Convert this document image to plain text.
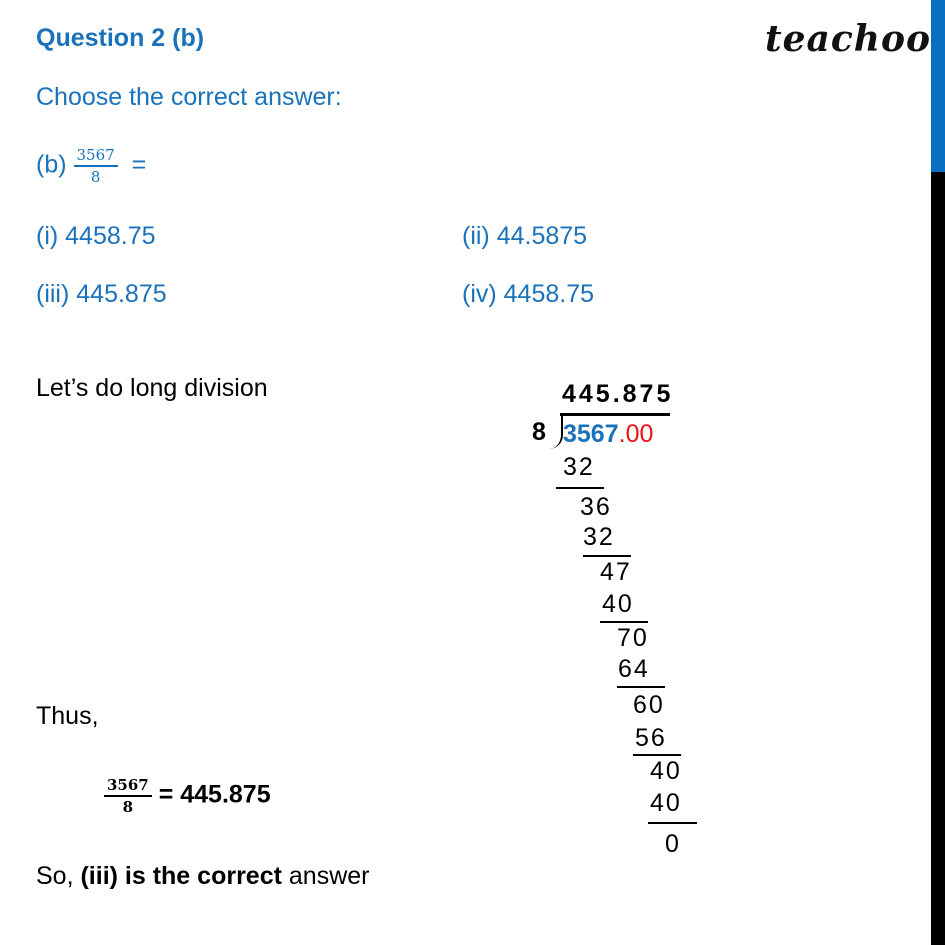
Question 2 (b)	teachoo
Choose the correct answer:
$(b) \frac{3567}{8}$ =
(i) 4458.75	(ii) 44.5875
(iii) 445.875	(iv) 4458.75
Let’s do long division
Thus,
$\frac{3567}{8} = 445.875$
So, (iii) is the correct answer
445.875
8 3567.00
32
36
32
47
40
70
64
60
56
40
40
0
